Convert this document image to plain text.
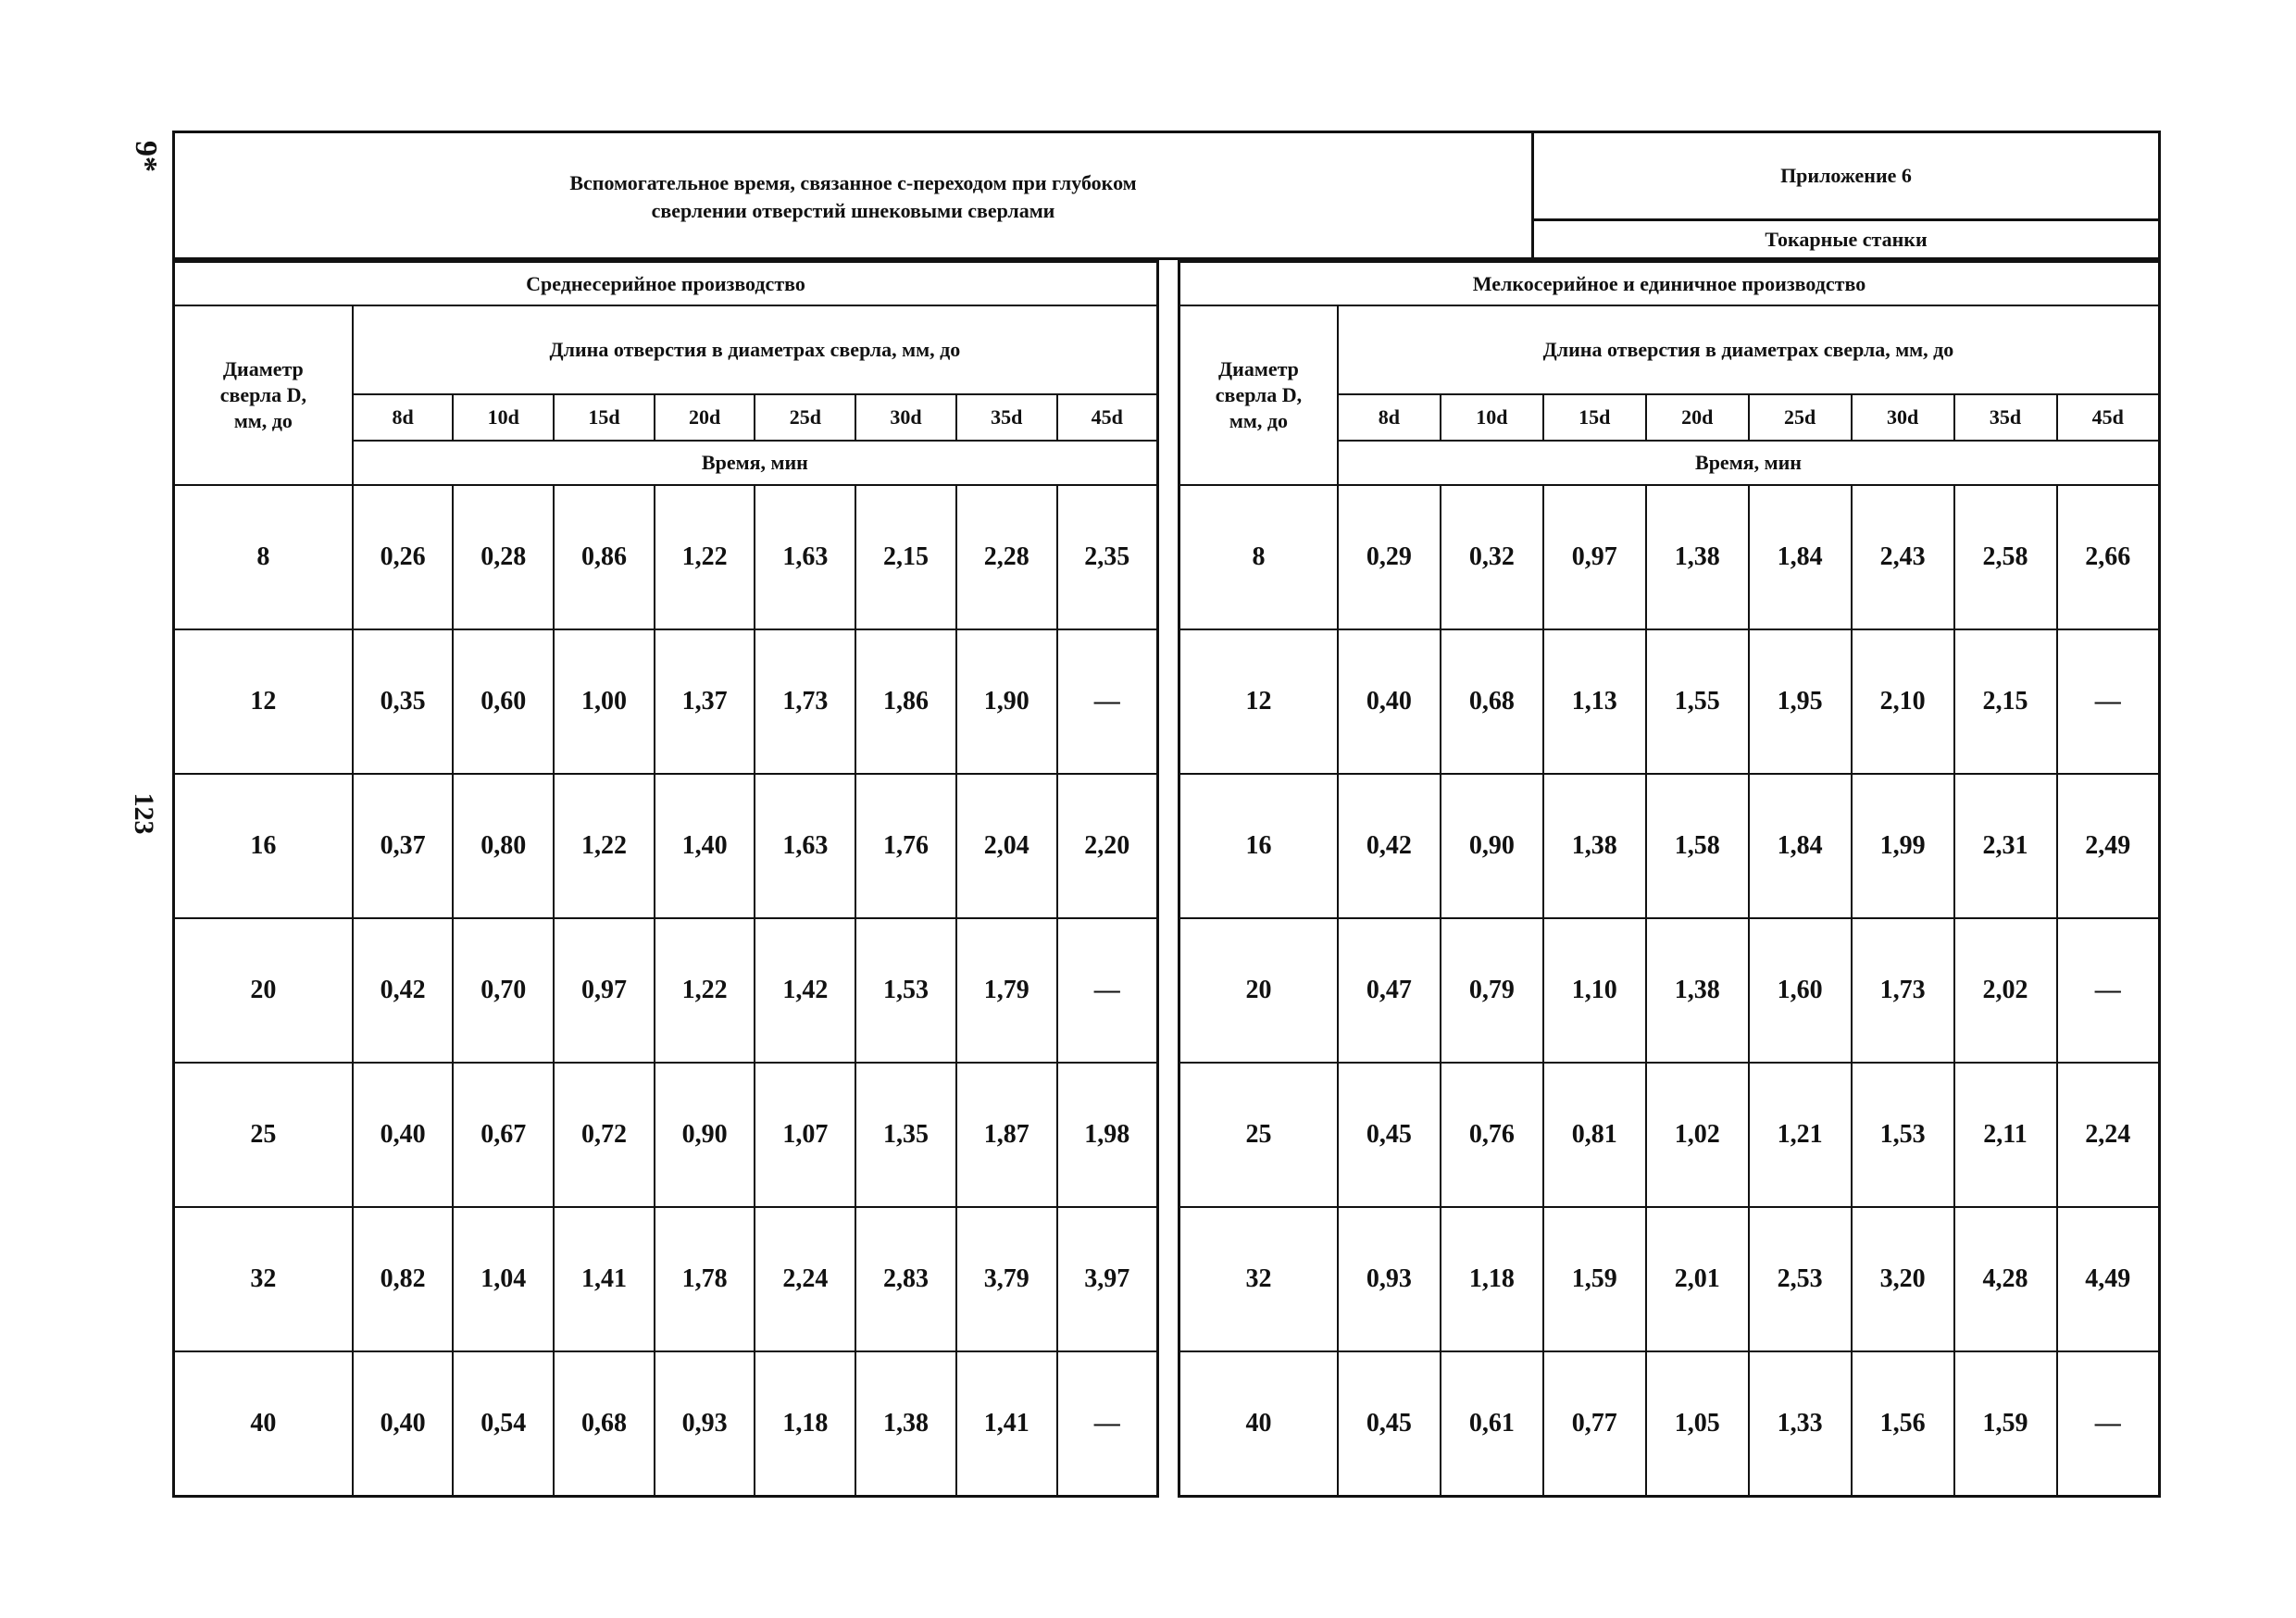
123
9*
Вспомогательное время, связанное с-переходом при глубоком
сверлении отверстий шнековыми сверлами
Приложение 6
Токарные станки
Среднесерийное производство								

Диаметр
сверла D,
мм, до	Длина отверстия в диаметрах сверла, мм, до							
	8d	10d	15d	20d	25d	30d	35d	45d
	Время, мин							
8	0,26	0,28	0,86	1,22	1,63	2,15	2,28	2,35
12	0,35	0,60	1,00	1,37	1,73	1,86	1,90	—
16	0,37	0,80	1,22	1,40	1,63	1,76	2,04	2,20
20	0,42	0,70	0,97	1,22	1,42	1,53	1,79	—
25	0,40	0,67	0,72	0,90	1,07	1,35	1,87	1,98
32	0,82	1,04	1,41	1,78	2,24	2,83	3,79	3,97
40	0,40	0,54	0,68	0,93	1,18	1,38	1,41	—
Мелкосерийное и единичное производство								

Диаметр
сверла D,
мм, до	Длина отверстия в диаметрах сверла, мм, до							
	8d	10d	15d	20d	25d	30d	35d	45d
	Время, мин							
8	0,29	0,32	0,97	1,38	1,84	2,43	2,58	2,66
12	0,40	0,68	1,13	1,55	1,95	2,10	2,15	—
16	0,42	0,90	1,38	1,58	1,84	1,99	2,31	2,49
20	0,47	0,79	1,10	1,38	1,60	1,73	2,02	—
25	0,45	0,76	0,81	1,02	1,21	1,53	2,11	2,24
32	0,93	1,18	1,59	2,01	2,53	3,20	4,28	4,49
40	0,45	0,61	0,77	1,05	1,33	1,56	1,59	—
